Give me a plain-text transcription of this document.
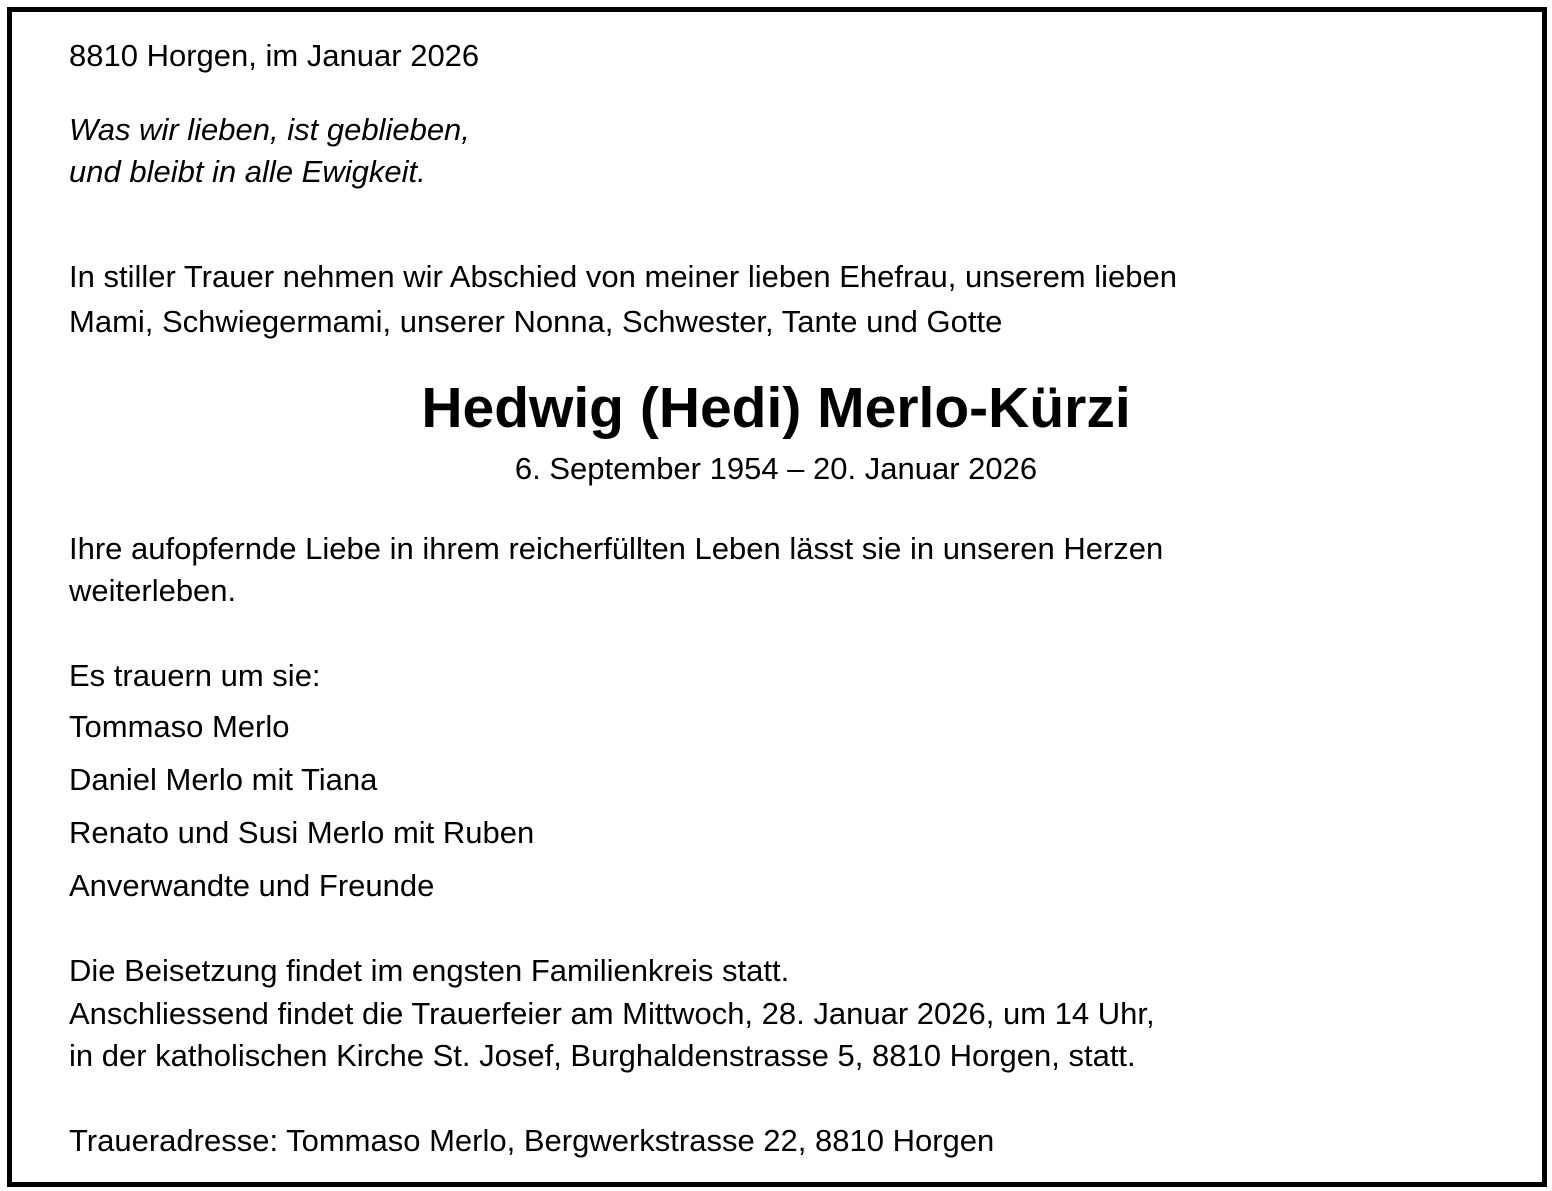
8810 Horgen, im Januar 2026
Was wir lieben, ist geblieben,
und bleibt in alle Ewigkeit.
In stiller Trauer nehmen wir Abschied von meiner lieben Ehefrau, unserem lieben
Mami, Schwiegermami, unserer Nonna, Schwester, Tante und Gotte
Hedwig (Hedi) Merlo-Kürzi
6. September 1954 – 20. Januar 2026
Ihre aufopfernde Liebe in ihrem reicherfüllten Leben lässt sie in unseren Herzen
weiterleben.
Es trauern um sie:
Tommaso Merlo
Daniel Merlo mit Tiana
Renato und Susi Merlo mit Ruben
Anverwandte und Freunde
Die Beisetzung findet im engsten Familienkreis statt.
Anschliessend findet die Trauerfeier am Mittwoch, 28. Januar 2026, um 14 Uhr,
in der katholischen Kirche St. Josef, Burghaldenstrasse 5, 8810 Horgen, statt.
Traueradresse: Tommaso Merlo, Bergwerkstrasse 22, 8810 Horgen
